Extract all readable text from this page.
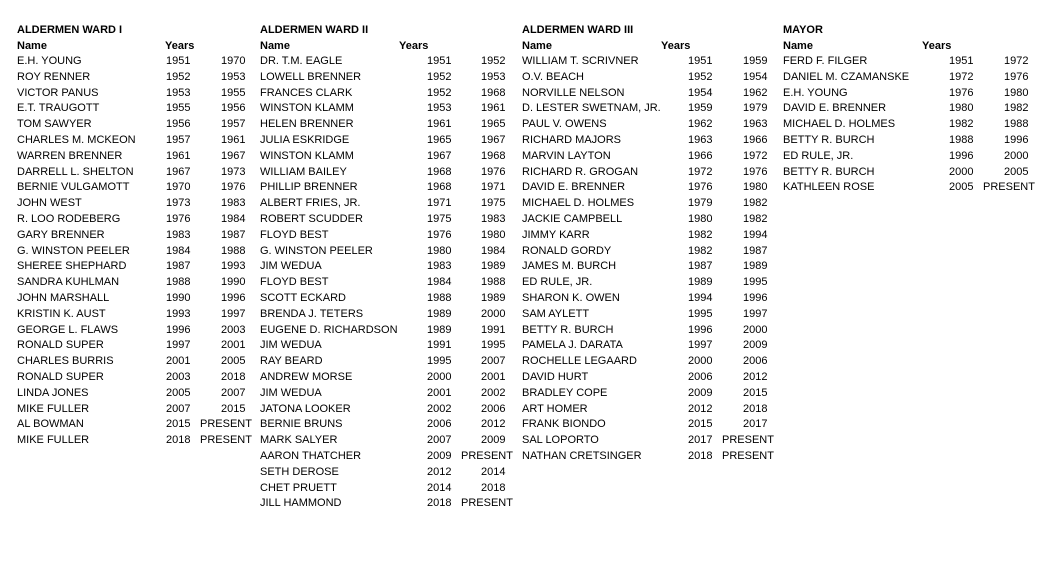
ALDERMEN WARD I
Name	Years
E.H. YOUNG	1951	1970
ROY RENNER	1952	1953
VICTOR PANUS	1953	1955
E.T. TRAUGOTT	1955	1956
TOM SAWYER	1956	1957
CHARLES M. MCKEON	1957	1961
WARREN BRENNER	1961	1967
DARRELL L. SHELTON	1967	1973
BERNIE VULGAMOTT	1970	1976
JOHN WEST	1973	1983
R. LOO RODEBERG	1976	1984
GARY BRENNER	1983	1987
G. WINSTON PEELER	1984	1988
SHEREE SHEPHARD	1987	1993
SANDRA KUHLMAN	1988	1990
JOHN MARSHALL	1990	1996
KRISTIN K. AUST	1993	1997
GEORGE L. FLAWS	1996	2003
RONALD SUPER	1997	2001
CHARLES BURRIS	2001	2005
RONALD SUPER	2003	2018
LINDA JONES	2005	2007
MIKE FULLER	2007	2015
AL BOWMAN	2015 PRESENT
MIKE FULLER	2018 PRESENT
ALDERMEN WARD II
Name	Years
DR. T.M. EAGLE	1951	1952
LOWELL BRENNER	1952	1953
FRANCES CLARK	1952	1968
WINSTON KLAMM	1953	1961
HELEN BRENNER	1961	1965
JULIA ESKRIDGE	1965	1967
WINSTON KLAMM	1967	1968
WILLIAM BAILEY	1968	1976
PHILLIP BRENNER	1968	1971
ALBERT FRIES, JR.	1971	1975
ROBERT SCUDDER	1975	1983
FLOYD BEST	1976	1980
G. WINSTON PEELER	1980	1984
JIM WEDUA	1983	1989
FLOYD BEST	1984	1988
SCOTT ECKARD	1988	1989
BRENDA J. TETERS	1989	2000
EUGENE D. RICHARDSON	1989	1991
JIM WEDUA	1991	1995
RAY BEARD	1995	2007
ANDREW MORSE	2000	2001
JIM WEDUA	2001	2002
JATONA LOOKER	2002	2006
BERNIE BRUNS	2006	2012
MARK SALYER	2007	2009
AARON THATCHER	2009 PRESENT
SETH DEROSE	2012	2014
CHET PRUETT	2014	2018
JILL HAMMOND	2018 PRESENT
ALDERMEN WARD III
Name	Years
WILLIAM T. SCRIVNER	1951	1959
O.V. BEACH	1952	1954
NORVILLE NELSON	1954	1962
D. LESTER SWETNAM, JR. 1959	1979
PAUL V. OWENS	1962	1963
RICHARD MAJORS	1963	1966
MARVIN LAYTON	1966	1972
RICHARD R. GROGAN	1972	1976
DAVID E. BRENNER	1976	1980
MICHAEL D. HOLMES	1979	1982
JACKIE CAMPBELL	1980	1982
JIMMY KARR	1982	1994
RONALD GORDY	1982	1987
JAMES M. BURCH	1987	1989
ED RULE, JR.	1989	1995
SHARON K. OWEN	1994	1996
SAM AYLETT	1995	1997
BETTY R. BURCH	1996	2000
PAMELA J. DARATA	1997	2009
ROCHELLE LEGAARD	2000	2006
DAVID HURT	2006	2012
BRADLEY COPE	2009	2015
ART HOMER	2012	2018
FRANK BIONDO	2015	2017
SAL LOPORTO	2017 PRESENT
NATHAN CRETSINGER	2018 PRESENT
MAYOR
Name	Years
FERD F. FILGER	1951	1972
DANIEL M. CZAMANSKE	1972	1976
E.H. YOUNG	1976	1980
DAVID E. BRENNER	1980	1982
MICHAEL D. HOLMES	1982	1988
BETTY R. BURCH	1988	1996
ED RULE, JR.	1996	2000
BETTY R. BURCH	2000	2005
KATHLEEN ROSE	2005 PRESENT
